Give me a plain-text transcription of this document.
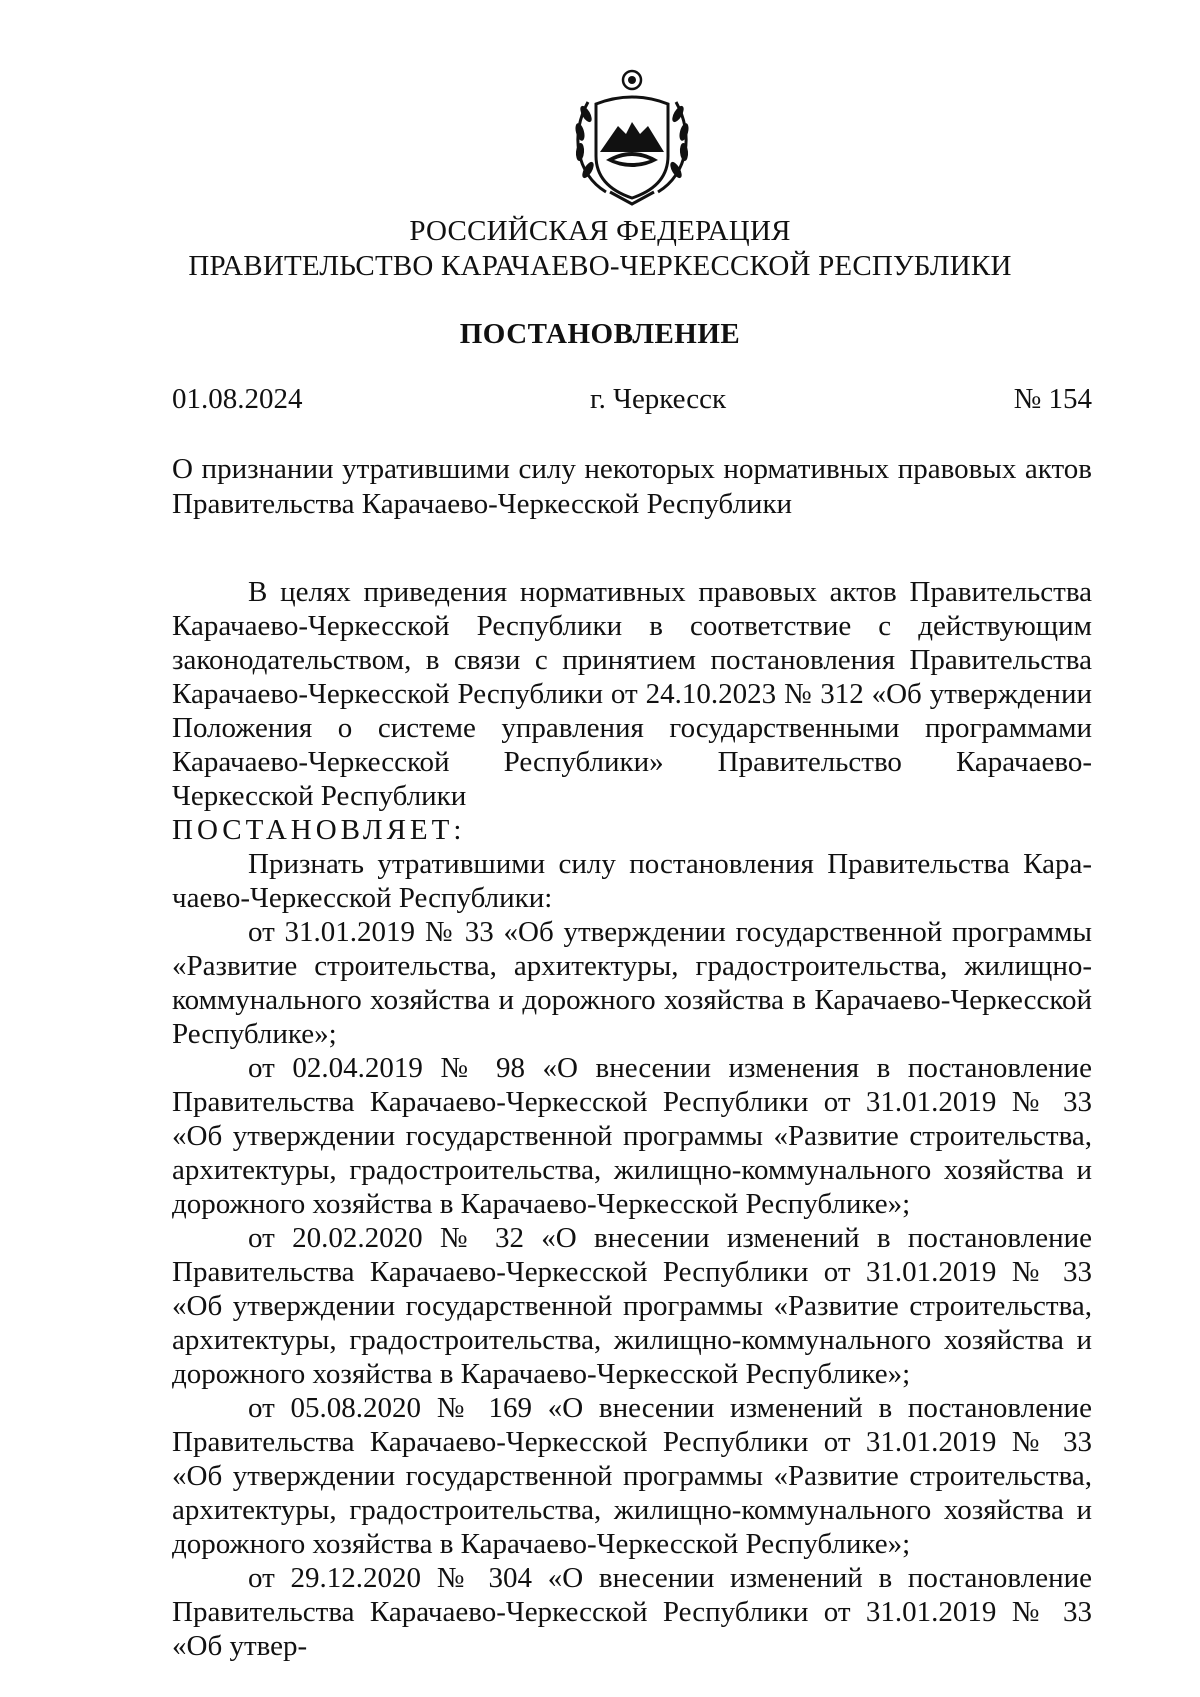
РОССИЙСКАЯ ФЕДЕРАЦИЯ
ПРАВИТЕЛЬСТВО КАРАЧАЕВО-ЧЕРКЕССКОЙ РЕСПУБЛИКИ
ПОСТАНОВЛЕНИЕ
01.08.2024	г. Черкесск	№ 154
О признании утратившими силу некоторых нормативных правовых актов Правительства Карачаево-Черкесской Республики

В целях приведения нормативных правовых актов Правительства Карачаево-Черкесской Республики в соответствие с действующим законодательством, в связи с принятием постановления Правительства Карачаево-Черкесской Республики от 24.10.2023 № 312 «Об утверждении Положения о системе управления государственными программами Карачаево-Черкесской Республики» Правительство Карачаево-Черкесской Республики

ПОСТАНОВЛЯЕТ:

Признать утратившими силу постановления Правительства Карачаево-Черкесской Республики:

от 31.01.2019 № 33 «Об утверждении государственной программы «Развитие строительства, архитектуры, градостроительства, жилищно-коммунального хозяйства и дорожного хозяйства в Карачаево-Черкесской Республике»;

от 02.04.2019 № 98 «О внесении изменения в постановление Правительства Карачаево-Черкесской Республики от 31.01.2019 № 33 «Об утверждении государственной программы «Развитие строительства, архитектуры, градостроительства, жилищно-коммунального хозяйства и дорожного хозяйства в Карачаево-Черкесской Республике»;

от 20.02.2020 № 32 «О внесении изменений в постановление Правительства Карачаево-Черкесской Республики от 31.01.2019 № 33 «Об утверждении государственной программы «Развитие строительства, архитектуры, градостроительства, жилищно-коммунального хозяйства и дорожного хозяйства в Карачаево-Черкесской Республике»;

от 05.08.2020 № 169 «О внесении изменений в постановление Правительства Карачаево-Черкесской Республики от 31.01.2019 № 33 «Об утверждении государственной программы «Развитие строительства, архитектуры, градостроительства, жилищно-коммунального хозяйства и дорожного хозяйства в Карачаево-Черкесской Республике»;

от 29.12.2020 № 304 «О внесении изменений в постановление Правительства Карачаево-Черкесской Республики от 31.01.2019 № 33 «Об утвер-
